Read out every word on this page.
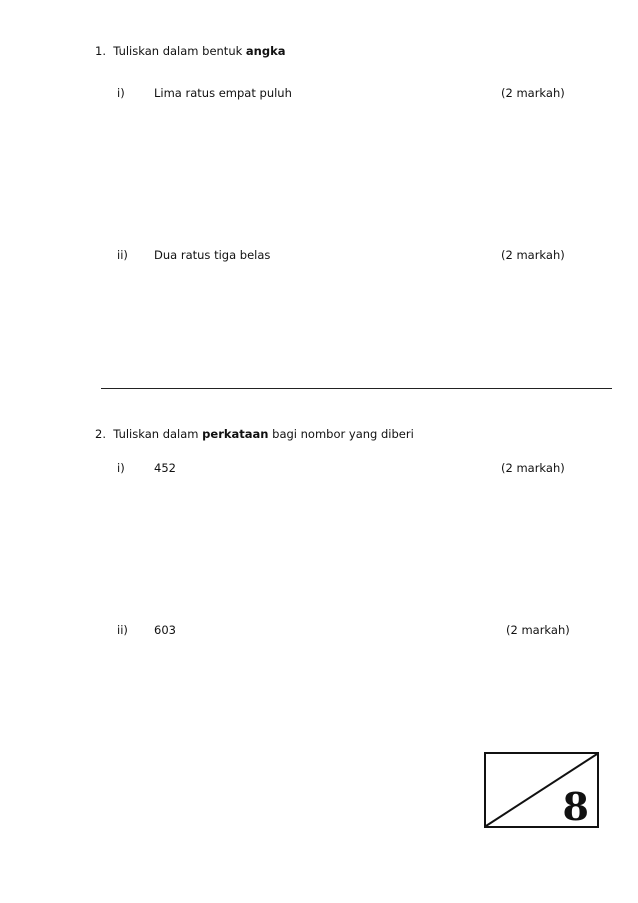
1. Tuliskan dalam bentuk angka
i)	Lima ratus empat puluh	(2 markah)
ii) Dua ratus tiga belas	(2 markah)
2. Tuliskan dalam perkataan bagi nombor yang diberi
i)	452	(2 markah)
ii) 603	(2 markah)
8
